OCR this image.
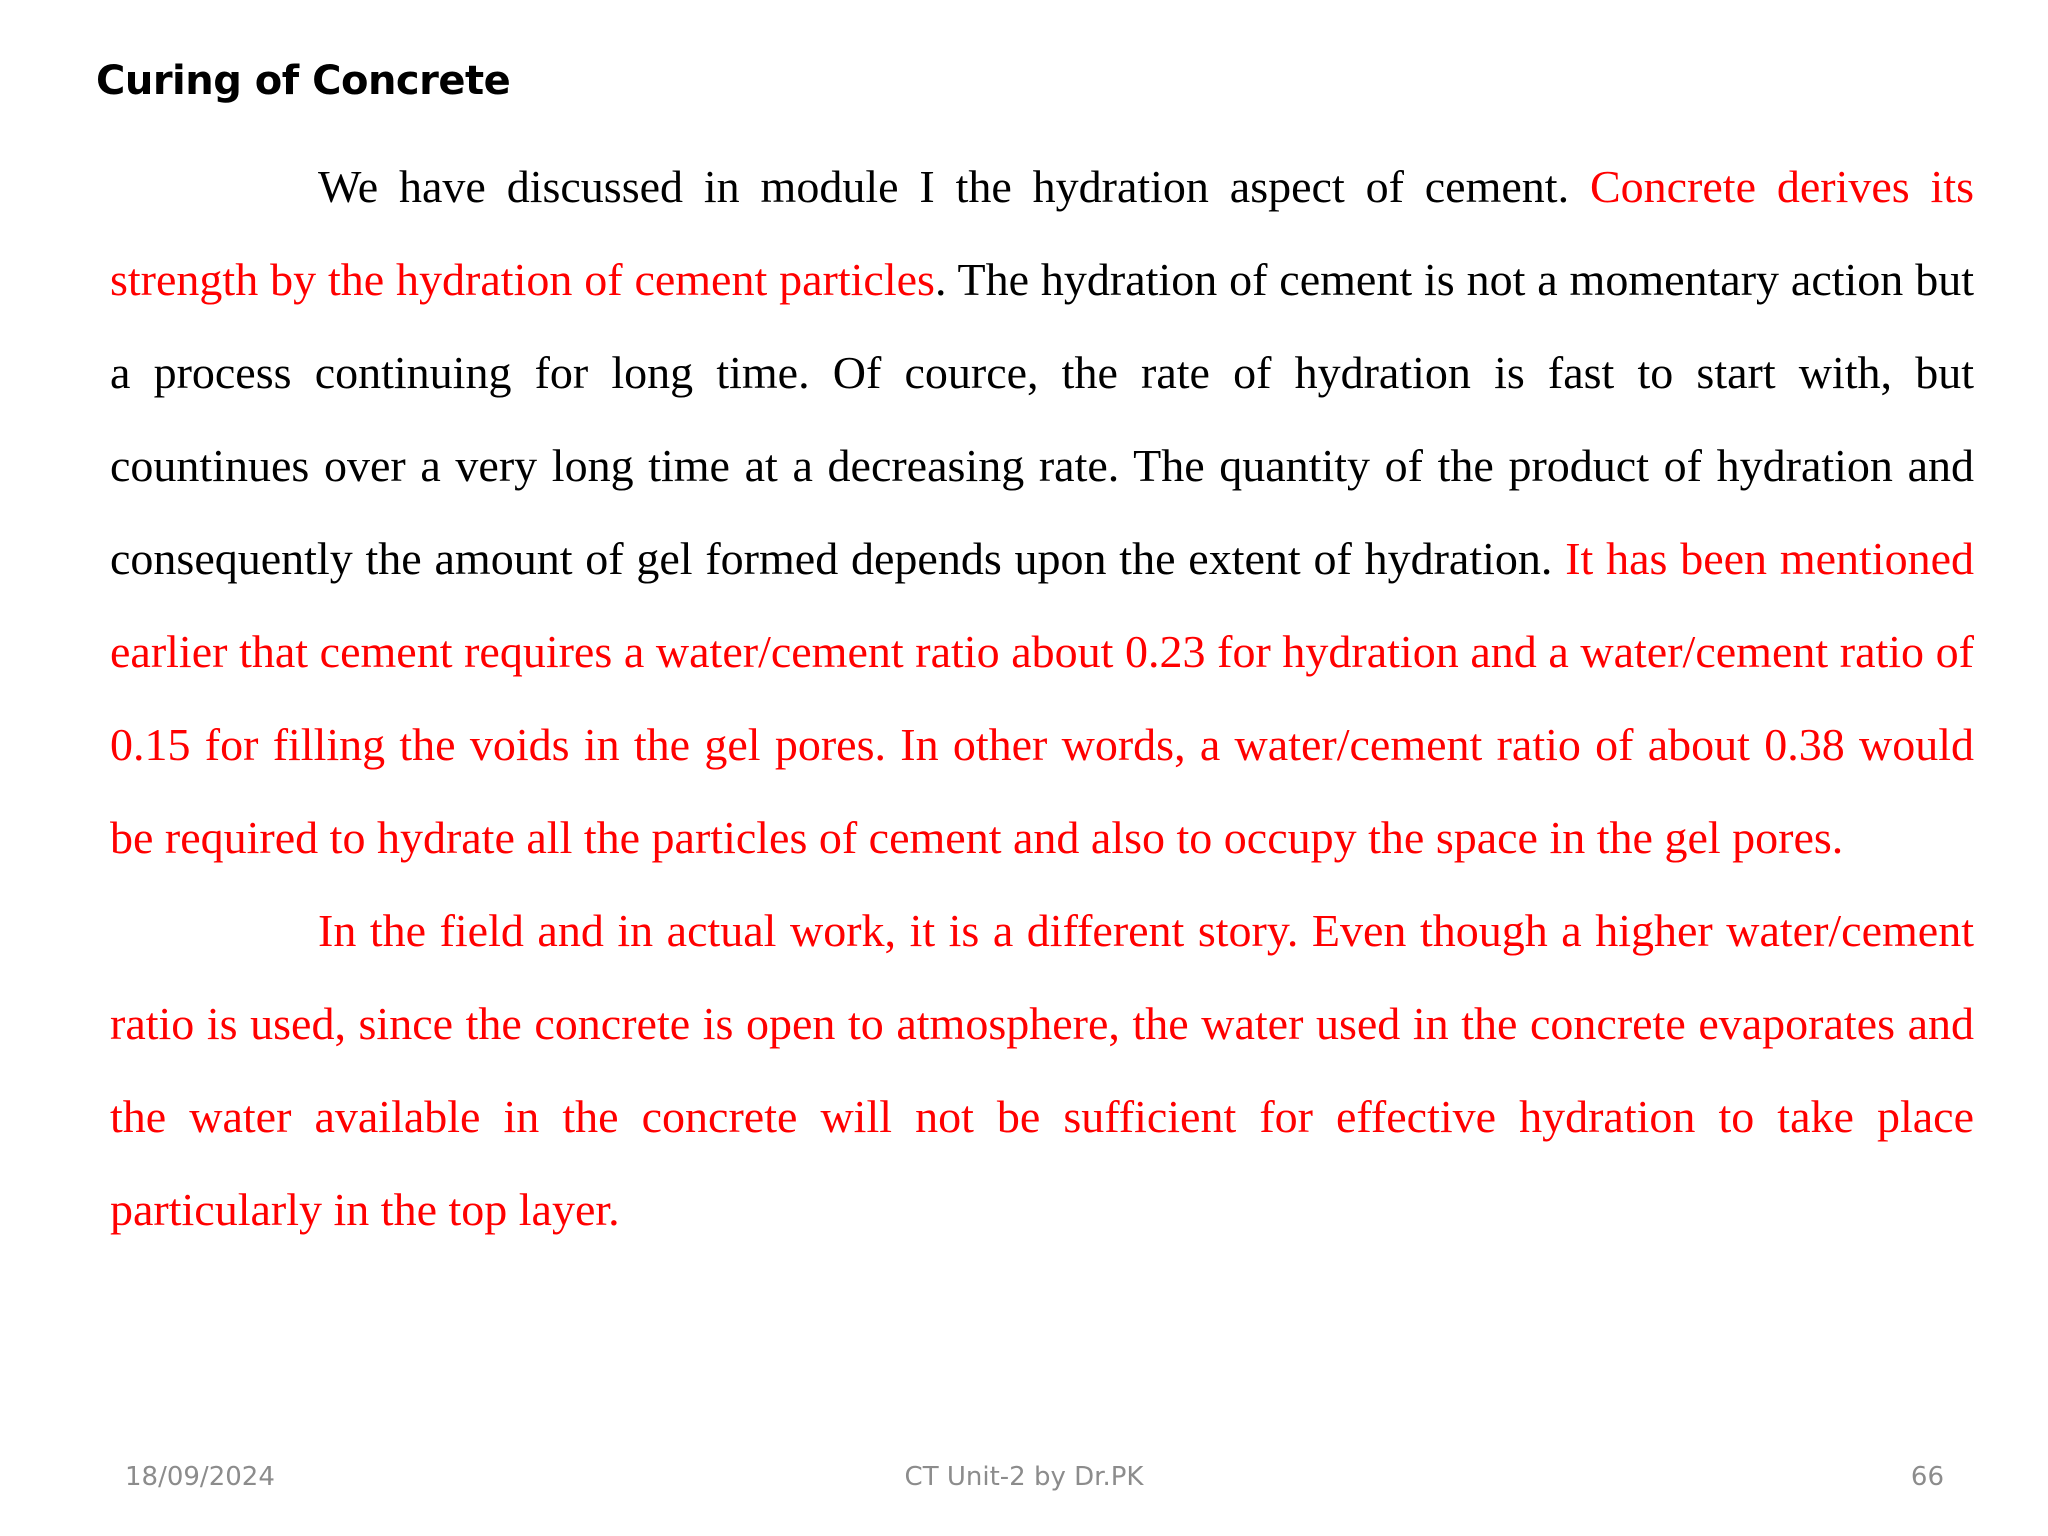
Curing of Concrete

We have discussed in module I the hydration aspect of cement. Concrete derives its strength by the hydration of cement particles. The hydration of cement is not a momentary action but a process continuing for long time. Of cource, the rate of hydration is fast to start with, but countinues over a very long time at a decreasing rate. The quantity of the product of hydration and consequently the amount of gel formed depends upon the extent of hydration. It has been mentioned earlier that cement requires a water/cement ratio about 0.23 for hydration and a water/cement ratio of 0.15 for filling the voids in the gel pores. In other words, a water/cement ratio of about 0.38 would be required to hydrate all the particles of cement and also to occupy the space in the gel pores.

In the field and in actual work, it is a different story. Even though a higher water/cement ratio is used, since the concrete is open to atmosphere, the water used in the concrete evaporates and the water available in the concrete will not be sufficient for effective hydration to take place particularly in the top layer.

18/09/2024	CT Unit-2 by Dr.PK	66
